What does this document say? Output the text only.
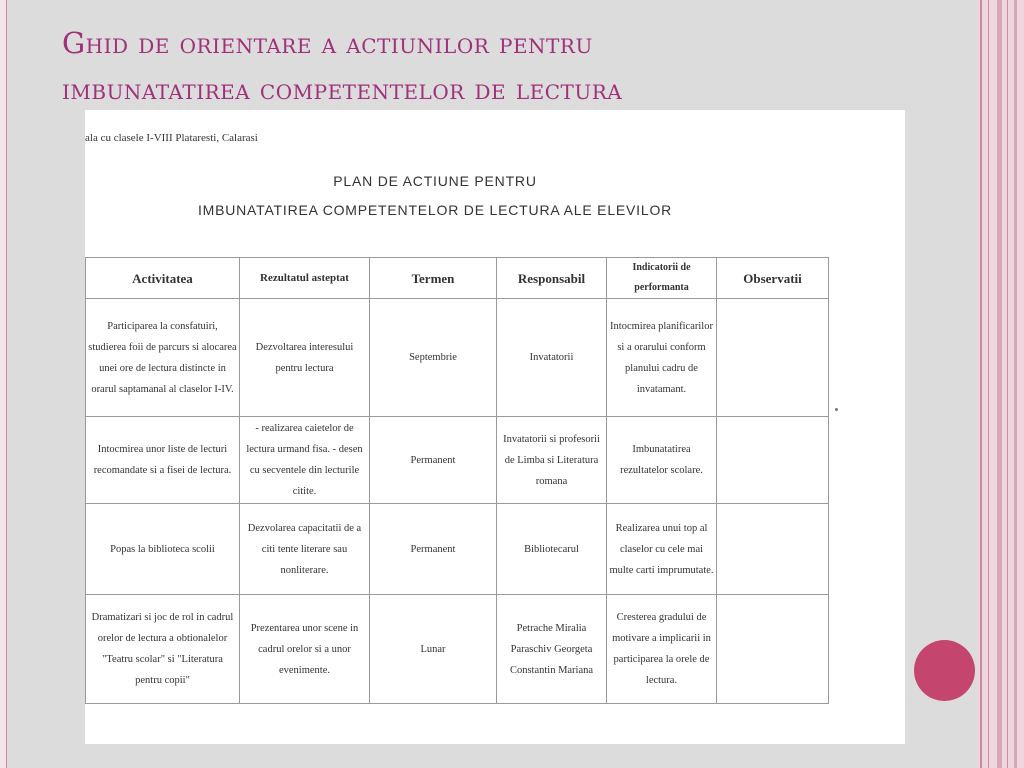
Ghid de orientare a actiunilor pentru
imbunatatirea competentelor de lectura
ala cu clasele I-VIII Plataresti, Calarasi
PLAN DE ACTIUNE PENTRU
IMBUNATATIREA COMPETENTELOR DE LECTURA ALE ELEVILOR
Activitatea	Rezultatul asteptat	Termen	Responsabil	Indicatorii de performanta	Observatii
Participarea la consfatuiri, studierea foii de parcurs si alocarea unei ore de lectura distincte in orarul saptamanal al claselor I-IV.	Dezvoltarea interesului pentru lectura	Septembrie	Invatatorii	Intocmirea planificarilor si a orarului conform planului cadru de invatamant.	
Intocmirea unor liste de lecturi recomandate si a fisei de lectura.	- realizarea caietelor de lectura urmand fisa. - desen cu secventele din lecturile citite.	Permanent	Invatatorii si profesorii de Limba si Literatura romana	Imbunatatirea rezultatelor scolare.	
Popas la biblioteca scolii	Dezvolarea capacitatii de a citi tente literare sau nonliterare.	Permanent	Bibliotecarul	Realizarea unui top al claselor cu cele mai multe carti imprumutate.	
Dramatizari si joc de rol in cadrul orelor de lectura a obtionalelor "Teatru scolar" si "Literatura pentru copii"	Prezentarea unor scene in cadrul orelor si a unor evenimente.	Lunar	Petrache Miralia Paraschiv Georgeta Constantin Mariana	Cresterea gradului de motivare a implicarii in participarea la orele de lectura.	
